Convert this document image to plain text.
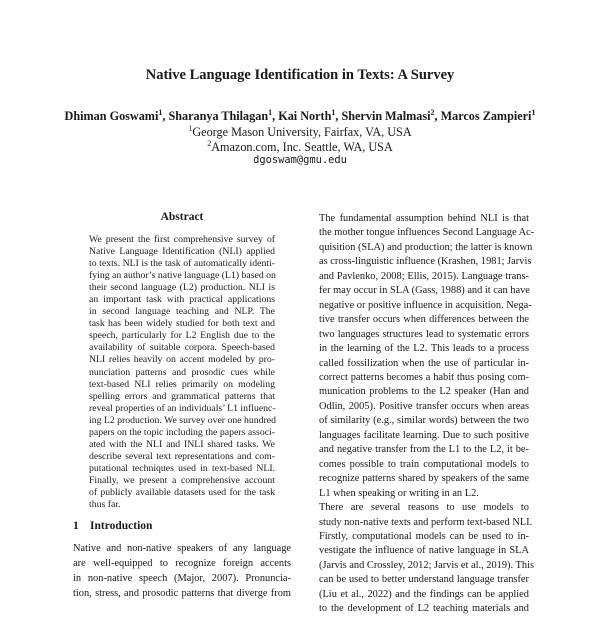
Native Language Identification in Texts: A Survey
Dhiman Goswami$^1$, Sharanya Thilagan$^1$, Kai North$^1$, Shervin Malmasi$^2$, Marcos Zampieri$^1$
$^1$George Mason University, Fairfax, VA, USA
$^2$Amazon.com, Inc. Seattle, WA, USA
dgoswam@gmu.edu
Abstract
We present the first comprehensive survey of
Native Language Identification (NLI) applied
to texts. NLI is the task of automatically identi-
fying an author’s native language (L1) based on
their second language (L2) production. NLI is
an important task with practical applications
in second language teaching and NLP. The
task has been widely studied for both text and
speech, particularly for L2 English due to the
availability of suitable corpora. Speech-based
NLI relies heavily on accent modeled by pro-
nunciation patterns and prosodic cues while
text-based NLI relies primarily on modeling
spelling errors and grammatical patterns that
reveal properties of an individuals’ L1 influenc-
ing L2 production. We survey over one hundred
papers on the topic including the papers associ-
ated with the NLI and INLI shared tasks. We
describe several text representations and com-
putational techniques used in text-based NLI.
Finally, we present a comprehensive account
of publicly available datasets used for the task
thus far.
1 Introduction
Native and non-native speakers of any language
are well-equipped to recognize foreign accents
in non-native speech (Major, 2007). Pronuncia-
tion, stress, and prosodic patterns that diverge from
The fundamental assumption behind NLI is that
the mother tongue influences Second Language Ac-
quisition (SLA) and production; the latter is known
as cross-linguistic influence (Krashen, 1981; Jarvis
and Pavlenko, 2008; Ellis, 2015). Language trans-
fer may occur in SLA (Gass, 1988) and it can have
negative or positive influence in acquisition. Nega-
tive transfer occurs when differences between the
two languages structures lead to systematic errors
in the learning of the L2. This leads to a process
called fossilization when the use of particular in-
correct patterns becomes a habit thus posing com-
munication problems to the L2 speaker (Han and
Odlin, 2005). Positive transfer occurs when areas
of similarity (e.g., similar words) between the two
languages facilitate learning. Due to such positive
and negative transfer from the L1 to the L2, it be-
comes possible to train computational models to
recognize patterns shared by speakers of the same
L1 when speaking or writing in an L2.
There are several reasons to use models to
study non-native texts and perform text-based NLI.
Firstly, computational models can be used to in-
vestigate the influence of native language in SLA
(Jarvis and Crossley, 2012; Jarvis et al., 2019). This
can be used to better understand language transfer
(Liu et al., 2022) and the findings can be applied
to the development of L2 teaching materials and
